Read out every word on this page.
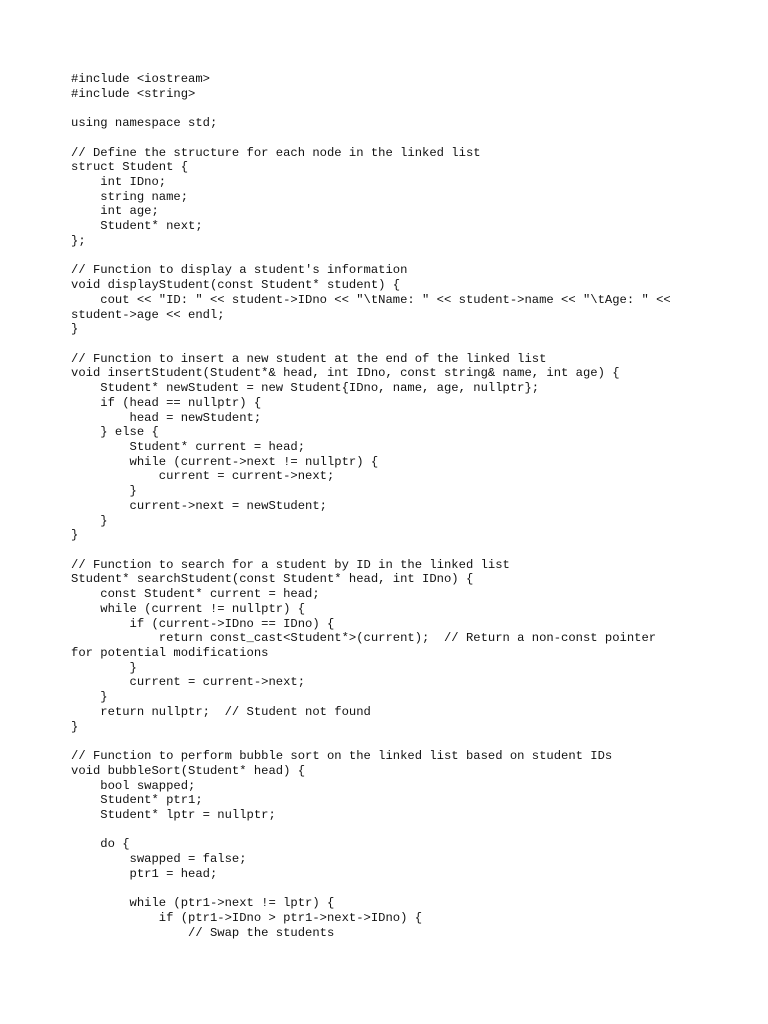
#include <iostream>
#include <string>
using namespace std;
// Define the structure for each node in the linked list
struct Student {
int IDno;
string name;
int age;
Student* next;
};
// Function to display a student's information
void displayStudent(const Student* student) {
cout << "ID: " << student->IDno << "\tName: " << student->name << "\tAge: " <<
student->age << endl;
}
// Function to insert a new student at the end of the linked list
void insertStudent(Student*& head, int IDno, const string& name, int age) {
Student* newStudent = new Student{IDno, name, age, nullptr};
if (head == nullptr) {
head = newStudent;
} else {
Student* current = head;
while (current->next != nullptr) {
current = current->next;
}
current->next = newStudent;
}
}
// Function to search for a student by ID in the linked list
Student* searchStudent(const Student* head, int IDno) {
const Student* current = head;
while (current != nullptr) {
if (current->IDno == IDno) {
return const_cast<Student*>(current);  // Return a non-const pointer
for potential modifications
}
current = current->next;
}
return nullptr;  // Student not found
}
// Function to perform bubble sort on the linked list based on student IDs
void bubbleSort(Student* head) {
bool swapped;
Student* ptr1;
Student* lptr = nullptr;
do {
swapped = false;
ptr1 = head;
while (ptr1->next != lptr) {
if (ptr1->IDno > ptr1->next->IDno) {
// Swap the students
